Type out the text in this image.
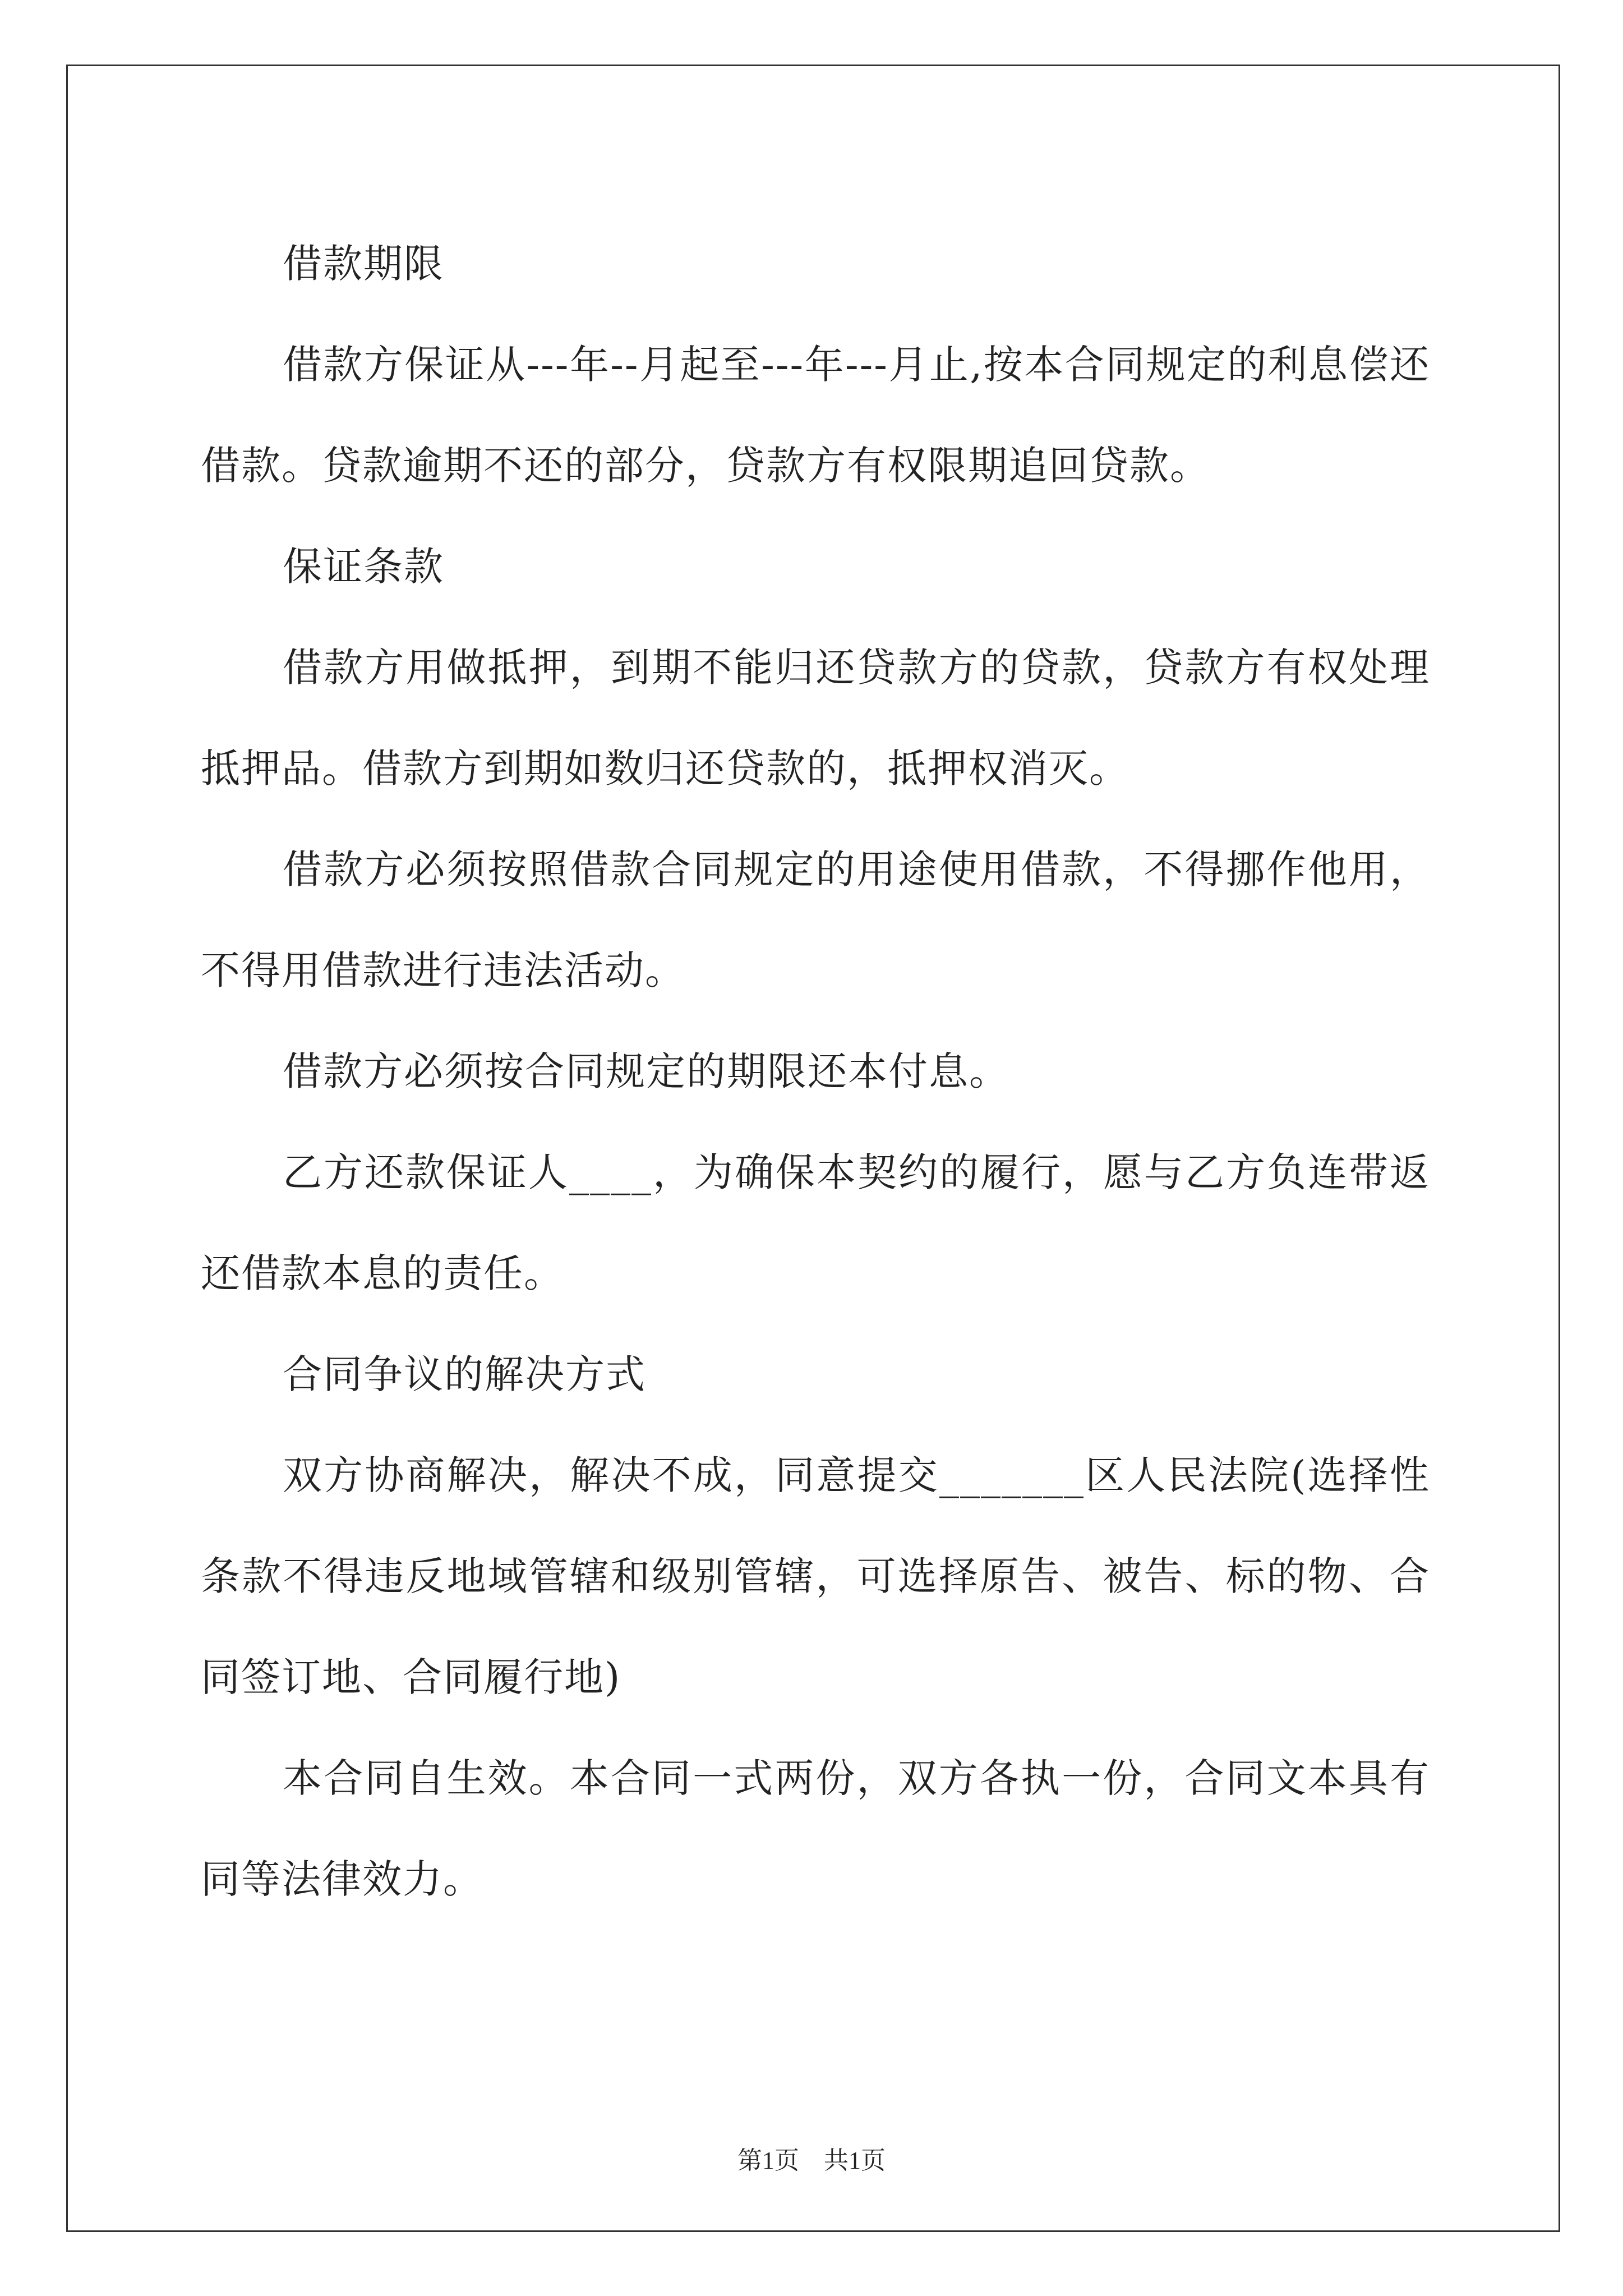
借款期限

借款方保证从---年--月起至---年---月止,按本合同规定的利息偿还借款。贷款逾期不还的部分，贷款方有权限期追回贷款。

保证条款

借款方用做抵押，到期不能归还贷款方的贷款，贷款方有权处理抵押品。借款方到期如数归还贷款的，抵押权消灭。

借款方必须按照借款合同规定的用途使用借款，不得挪作他用，不得用借款进行违法活动。

借款方必须按合同规定的期限还本付息。

乙方还款保证人____，为确保本契约的履行，愿与乙方负连带返还借款本息的责任。

合同争议的解决方式

双方协商解决，解决不成，同意提交_______区人民法院(选择性条款不得违反地域管辖和级别管辖，可选择原告、被告、标的物、合同签订地、合同履行地)

本合同自生效。本合同一式两份，双方各执一份，合同文本具有同等法律效力。

第1页　共1页
